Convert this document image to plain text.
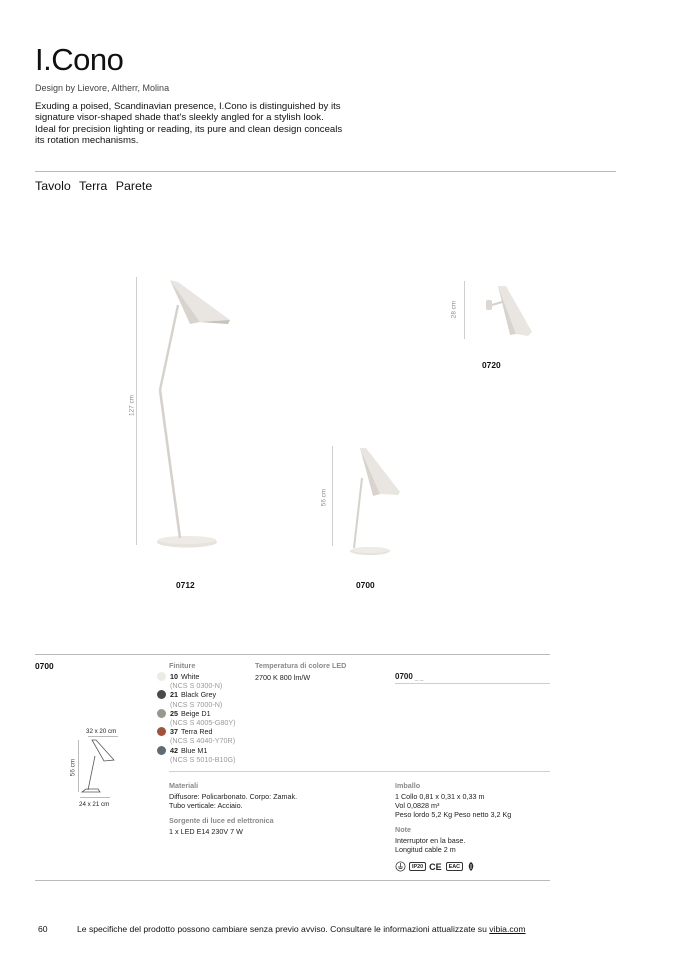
I.Cono
Design by Lievore, Altherr, Molina
Exuding a poised, Scandinavian presence, I.Cono is distinguished by its signature visor-shaped shade that's sleekly angled for a stylish look. Ideal for precision lighting or reading, its pure and clean design conceals its rotation mechanisms.
Tavolo Terra Parete
127 cm
0712
56 cm
0700
28 cm
0720
0700
32 x 20 cm
56 cm
24 x 21 cm
Finiture
10 White
(NCS S 0300-N)
21 Black Grey
(NCS S 7000-N)
25 Beige D1
(NCS S 4005-G80Y)
37 Terra Red
(NCS S 4040-Y70R)
42 Blue M1
(NCS S 5010-B10G)
Temperatura di colore LED
2700 K 800 lm/W	0700 _ _
Materiali
Diffusore: Policarbonato. Corpo: Zamak.
Tubo verticale: Acciaio.
Sorgente di luce ed elettronica
1 x LED E14 230V 7 W
Imballo
1 Collo 0,81 x 0,31 x 0,33 m
Vol 0,0828 m³
Peso lordo 5,2 Kg Peso netto 3,2 Kg
Note
Interruptor en la base.
Longitud cable 2 m
IP20 CE	EAC
60	Le specifiche del prodotto possono cambiare senza previo avviso. Consultare le informazioni attualizzate su vibia.com
